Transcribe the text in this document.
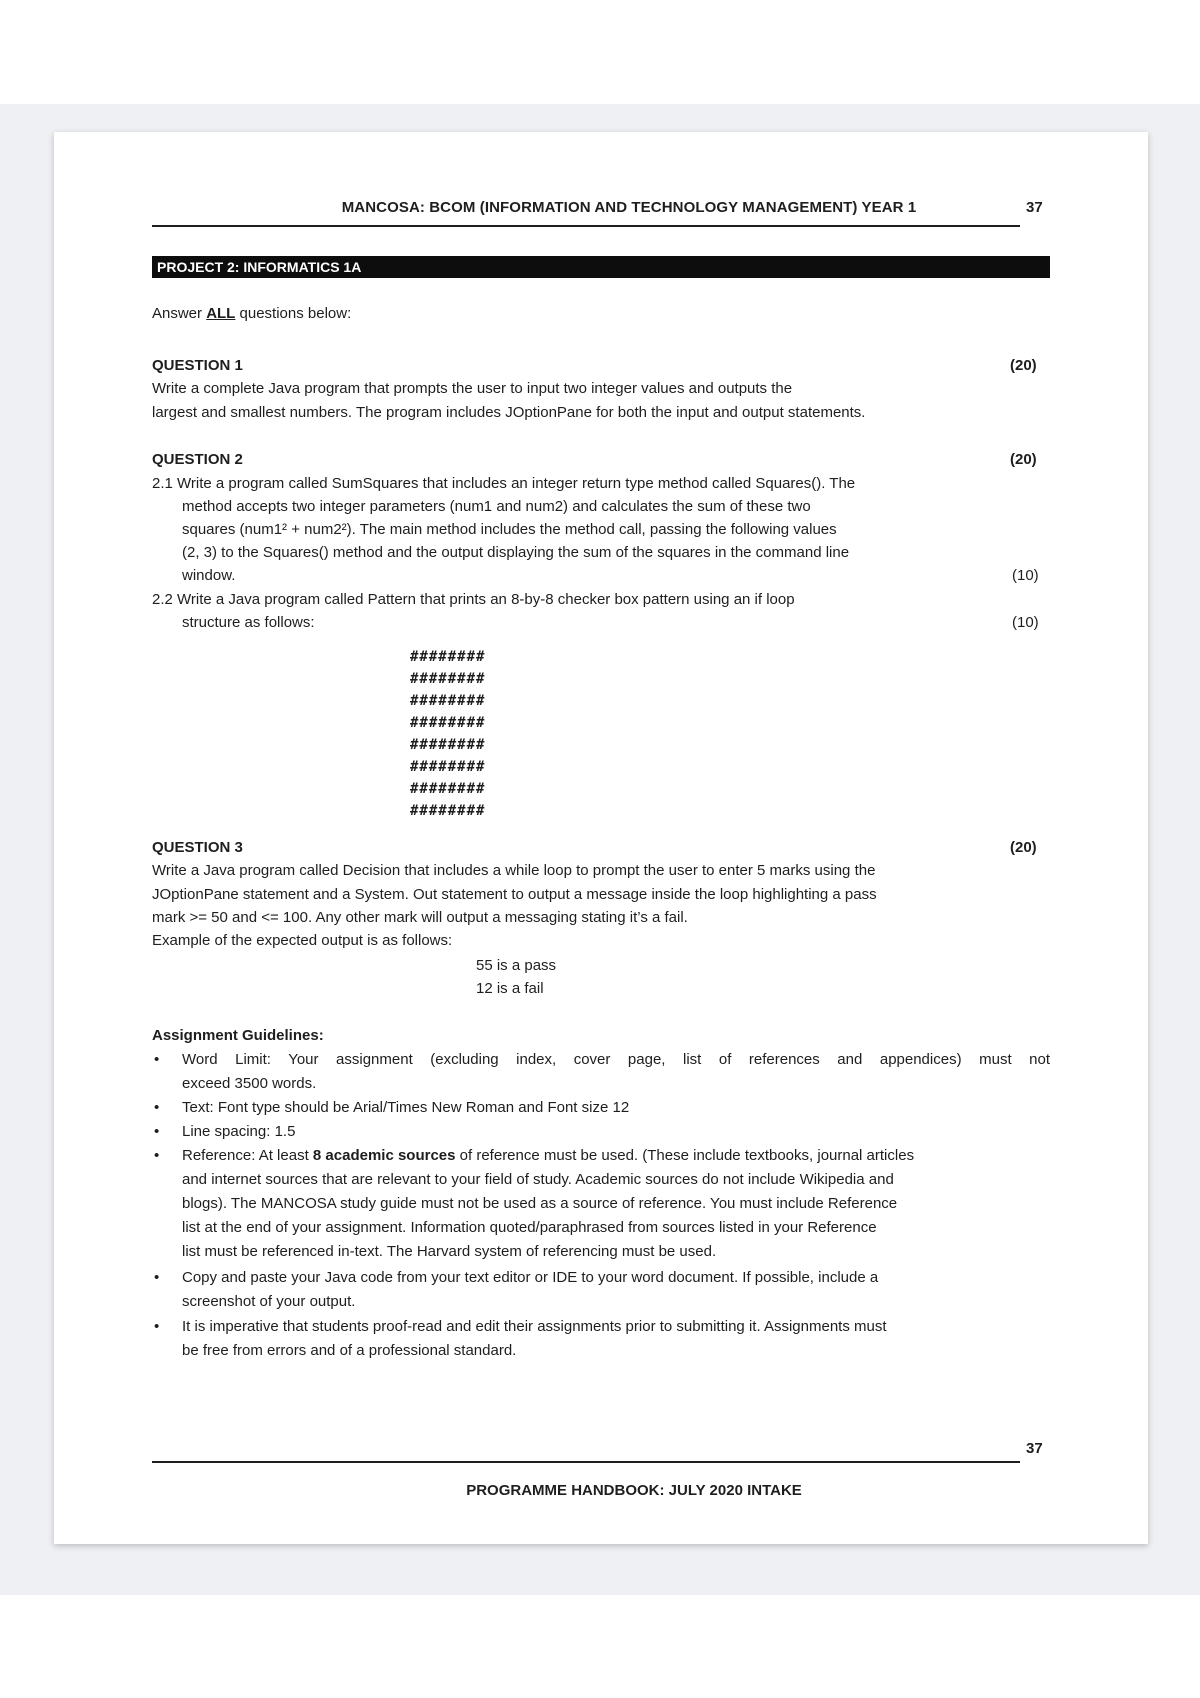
MANCOSA: BCOM (INFORMATION AND TECHNOLOGY MANAGEMENT) YEAR 1	37
PROJECT 2: INFORMATICS 1A
Answer ALL questions below:
QUESTION 1	(20)
Write a complete Java program that prompts the user to input two integer values and outputs the
largest and smallest numbers. The program includes JOptionPane for both the input and output statements.
QUESTION 2	(20)
2.1 Write a program called SumSquares that includes an integer return type method called Squares(). The
method accepts two integer parameters (num1 and num2) and calculates the sum of these two
squares (num1² + num2²). The main method includes the method call, passing the following values
(2, 3) to the Squares() method and the output displaying the sum of the squares in the command line
window.	(10)
2.2 Write a Java program called Pattern that prints an 8-by-8 checker box pattern using an if loop
structure as follows:	(10)
########
########
########
########
########
########
########
########
QUESTION 3	(20)
Write a Java program called Decision that includes a while loop to prompt the user to enter 5 marks using the
JOptionPane statement and a System. Out statement to output a message inside the loop highlighting a pass
mark >= 50 and <= 100. Any other mark will output a messaging stating it’s a fail.
Example of the expected output is as follows:
55 is a pass
12 is a fail
Assignment Guidelines:
• Word Limit: Your assignment (excluding index, cover page, list of references and appendices) must not
exceed 3500 words.
• Text: Font type should be Arial/Times New Roman and Font size 12
• Line spacing: 1.5
• Reference: At least 8 academic sources of reference must be used. (These include textbooks, journal articles
and internet sources that are relevant to your field of study. Academic sources do not include Wikipedia and
blogs). The MANCOSA study guide must not be used as a source of reference. You must include Reference
list at the end of your assignment. Information quoted/paraphrased from sources listed in your Reference
list must be referenced in-text. The Harvard system of referencing must be used.
• Copy and paste your Java code from your text editor or IDE to your word document. If possible, include a
screenshot of your output.
• It is imperative that students proof-read and edit their assignments prior to submitting it. Assignments must
be free from errors and of a professional standard.
37
PROGRAMME HANDBOOK: JULY 2020 INTAKE
